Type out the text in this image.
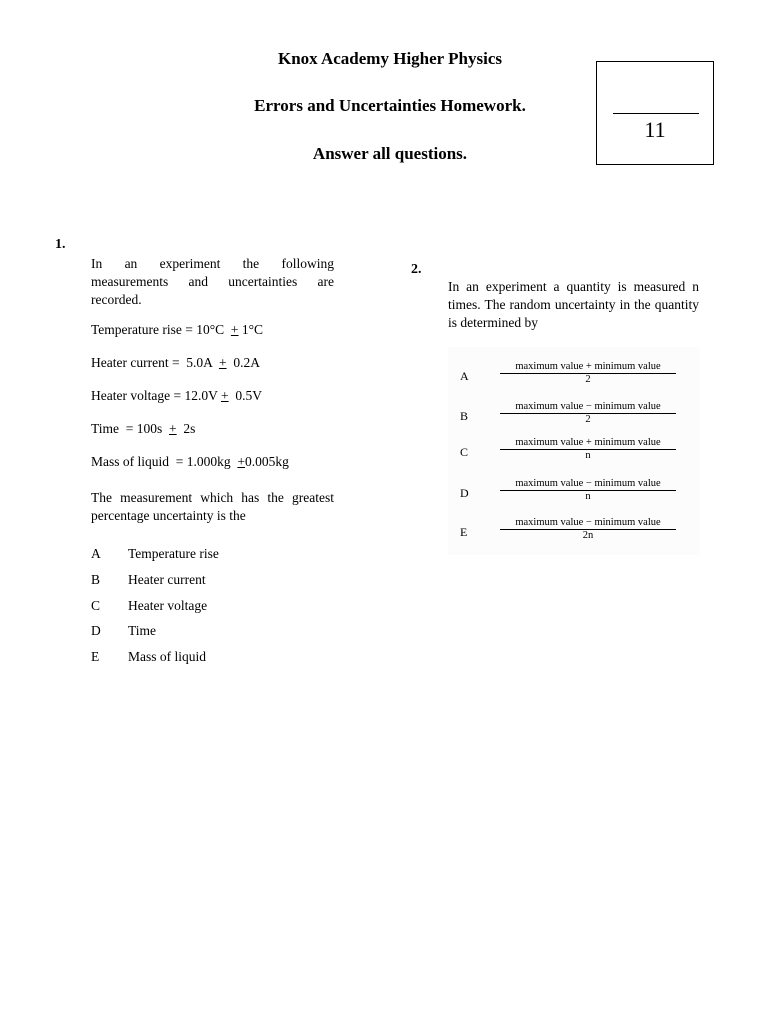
Knox Academy Higher Physics
Errors and Uncertainties Homework.
Answer all questions.
11
1.
In an experiment the following measurements and uncertainties are recorded.
Temperature rise = 10°C  + 1°C
Heater current =  5.0A  +  0.2A
Heater voltage = 12.0V +  0.5V
Time  = 100s  +  2s
Mass of liquid  = 1.000kg  +0.005kg
The measurement which has the greatest percentage uncertainty is the
A Temperature rise
B Heater current
C Heater voltage
D Time
E Mass of liquid
2.
In an experiment a quantity is measured n times. The random uncertainty in the quantity is determined by
A
maximum value + minimum value
2
B
maximum value − minimum value
2
C
maximum value + minimum value
n
D
maximum value − minimum value
n
E
maximum value − minimum value
2n
